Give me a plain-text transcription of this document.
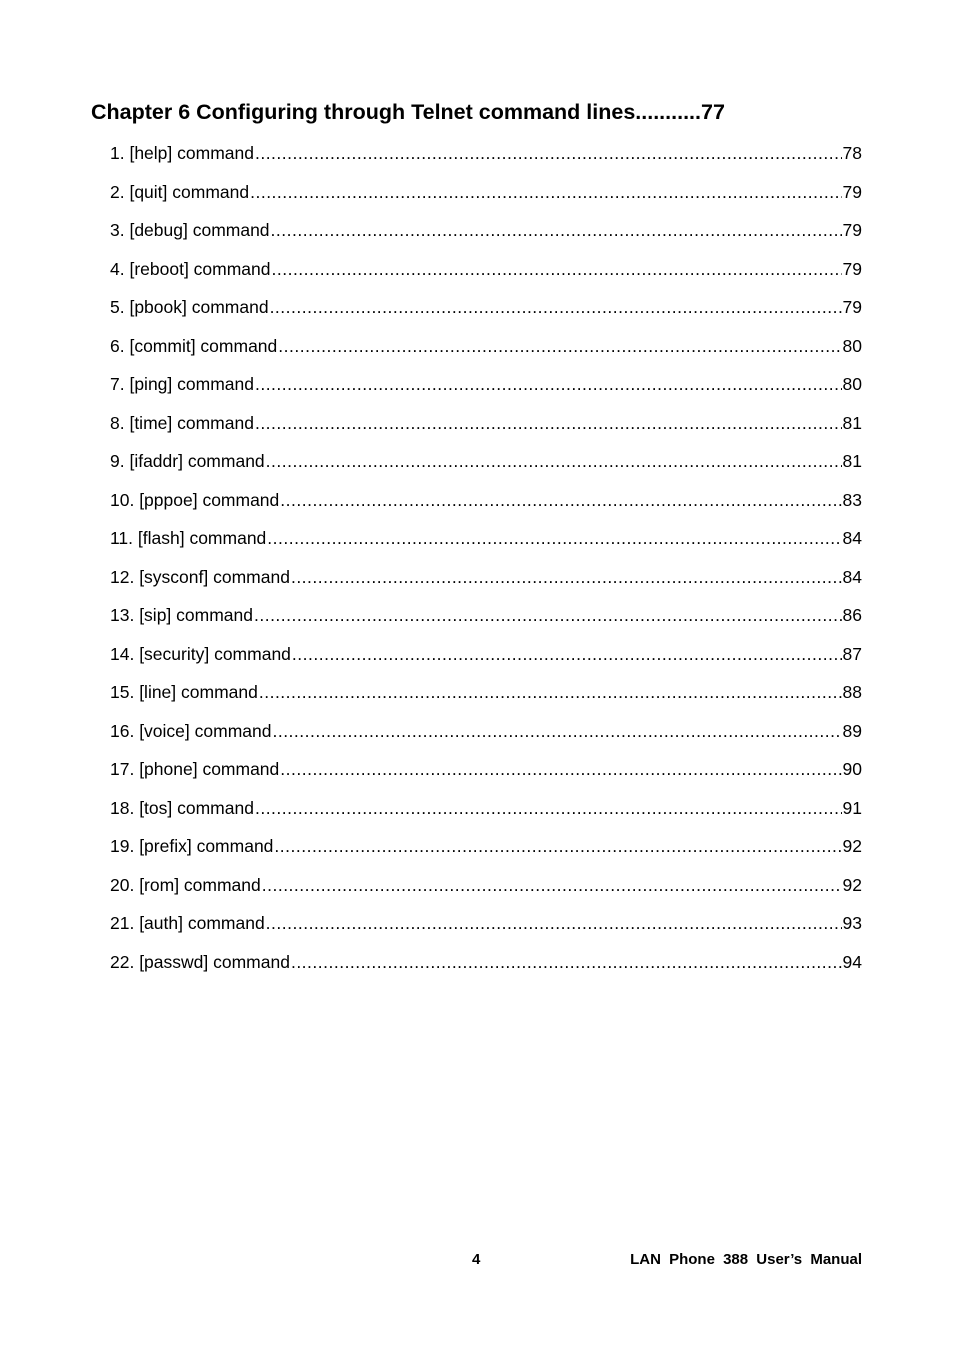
Chapter 6 Configuring through Telnet command lines...........77
1. [help] command .....	78
2. [quit] command .....	79
3. [debug] command .....	79
4. [reboot] command .....	79
5. [pbook] command .....	79
6. [commit] command .....	80
7. [ping] command .....	80
8. [time] command .....	81
9. [ifaddr] command .....	81
10. [pppoe] command .....	83
11. [flash] command .....	84
12. [sysconf] command .....	84
13. [sip] command .....	86
14. [security] command .....	87
15. [line] command .....	88
16. [voice] command .....	89
17. [phone] command .....	90
18. [tos] command .....	91
19. [prefix] command .....	92
20. [rom] command .....	92
21. [auth] command .....	93
22. [passwd] command .....	94
4	LAN Phone 388 User’s Manual
